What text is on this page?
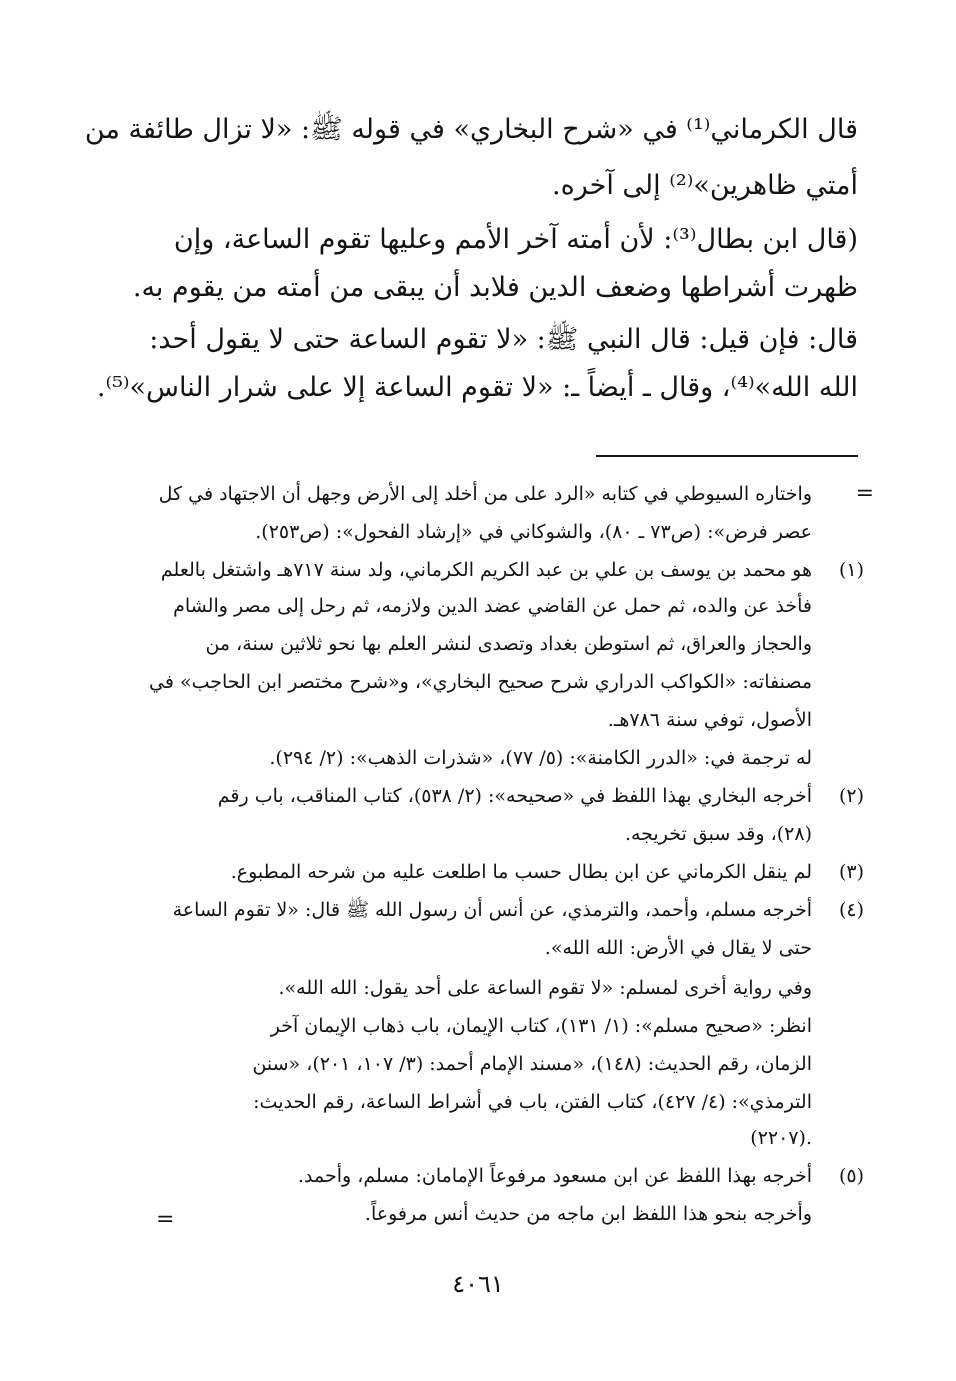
قال الكرماني⁽¹⁾ في «شرح البخاري» في قوله ﷺ: «لا تزال طائفة من
أمتي ظاهرين»⁽²⁾ إلى آخره.
(قال ابن بطال⁽³⁾: لأن أمته آخر الأمم وعليها تقوم الساعة، وإن
ظهرت أشراطها وضعف الدين فلابد أن يبقى من أمته من يقوم به.
قال: فإن قيل: قال النبي ﷺ: «لا تقوم الساعة حتى لا يقول أحد:
الله الله»⁽⁴⁾، وقال ـ أيضاً ـ: «لا تقوم الساعة إلا على شرار الناس»⁽⁵⁾.
=
واختاره السيوطي في كتابه «الرد على من أخلد إلى الأرض وجهل أن الاجتهاد في كل
عصر فرض»: (ص٧٣ ـ ٨٠)، والشوكاني في «إرشاد الفحول»: (ص٢٥٣).
(١)
هو محمد بن يوسف بن علي بن عبد الكريم الكرماني، ولد سنة ٧١٧هـ واشتغل بالعلم
فأخذ عن والده، ثم حمل عن القاضي عضد الدين ولازمه، ثم رحل إلى مصر والشام
والحجاز والعراق، ثم استوطن بغداد وتصدى لنشر العلم بها نحو ثلاثين سنة، من
مصنفاته: «الكواكب الدراري شرح صحيح البخاري»، و«شرح مختصر ابن الحاجب» في
الأصول، توفي سنة ٧٨٦هـ.
له ترجمة في: «الدرر الكامنة»: (٥/ ٧٧)، «شذرات الذهب»: (٢/ ٢٩٤).
(٢)
أخرجه البخاري بهذا اللفظ في «صحيحه»: (٢/ ٥٣٨)، كتاب المناقب، باب رقم
(٢٨)، وقد سبق تخريجه.
(٣)
لم ينقل الكرماني عن ابن بطال حسب ما اطلعت عليه من شرحه المطبوع.
(٤)
أخرجه مسلم، وأحمد، والترمذي، عن أنس أن رسول الله ﷺ قال: «لا تقوم الساعة
حتى لا يقال في الأرض: الله الله».
وفي رواية أخرى لمسلم: «لا تقوم الساعة على أحد يقول: الله الله».
انظر: «صحيح مسلم»: (١/ ١٣١)، كتاب الإيمان، باب ذهاب الإيمان آخر
الزمان، رقم الحديث: (١٤٨)، «مسند الإمام أحمد: (٣/ ١٠٧، ٢٠١)، «سنن
الترمذي»: (٤/ ٤٢٧)، كتاب الفتن، باب في أشراط الساعة، رقم الحديث:
(٢٢٠٧).
(٥)
أخرجه بهذا اللفظ عن ابن مسعود مرفوعاً الإمامان: مسلم، وأحمد.
وأخرجه بنحو هذا اللفظ ابن ماجه من حديث أنس مرفوعاً.
=
٤٠٦١
